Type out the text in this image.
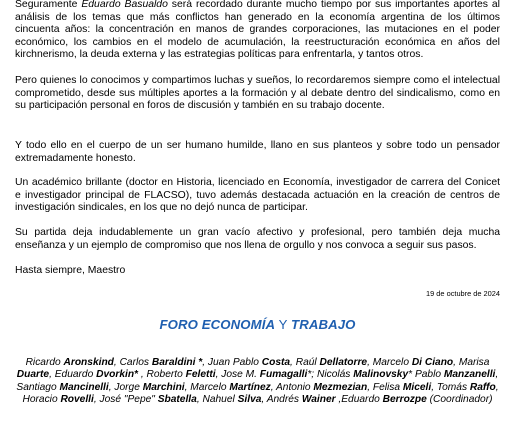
Seguramente Eduardo Basualdo será recordado durante mucho tiempo por sus importantes aportes al análisis de los temas que más conflictos han generado en la economía argentina de los últimos cincuenta años: la concentración en manos de grandes corporaciones, las mutaciones en el poder económico, los cambios en el modelo de acumulación, la reestructuración económica en años del kirchnerismo, la deuda externa y las estrategias políticas para enfrentarla, y tantos otros.

Pero quienes lo conocimos y compartimos luchas y sueños, lo recordaremos siempre como el intelectual comprometido, desde sus múltiples aportes a la formación y al debate dentro del sindicalismo, como en su participación personal en foros de discusión y también en su trabajo docente.

Y todo ello en el cuerpo de un ser humano humilde, llano en sus planteos y sobre todo un pensador extremadamente honesto.

Un académico brillante (doctor en Historia, licenciado en Economía, investigador de carrera del Conicet e investigador principal de FLACSO), tuvo además destacada actuación en la creación de centros de investigación sindicales, en los que no dejó nunca de participar.

Su partida deja indudablemente un gran vacío afectivo y profesional, pero también deja mucha enseñanza y un ejemplo de compromiso que nos llena de orgullo y nos convoca a seguir sus pasos.

Hasta siempre, Maestro

19 de octubre de 2024
FORO ECONOMÍA Y TRABAJO
Ricardo Aronskind, Carlos Baraldini *, Juan Pablo Costa, Raúl Dellatorre, Marcelo Di Ciano, Marisa Duarte, Eduardo Dvorkin* , Roberto Feletti, Jose M. Fumagalli*; Nicolás Malinovsky* Pablo Manzanelli, Santiago Mancinelli, Jorge Marchini, Marcelo Martínez, Antonio Mezmezian, Felisa Miceli, Tomás Raffo, Horacio Rovelli, José "Pepe" Sbatella, Nahuel Silva, Andrés Wainer ,Eduardo Berrozpe (Coordinador)
